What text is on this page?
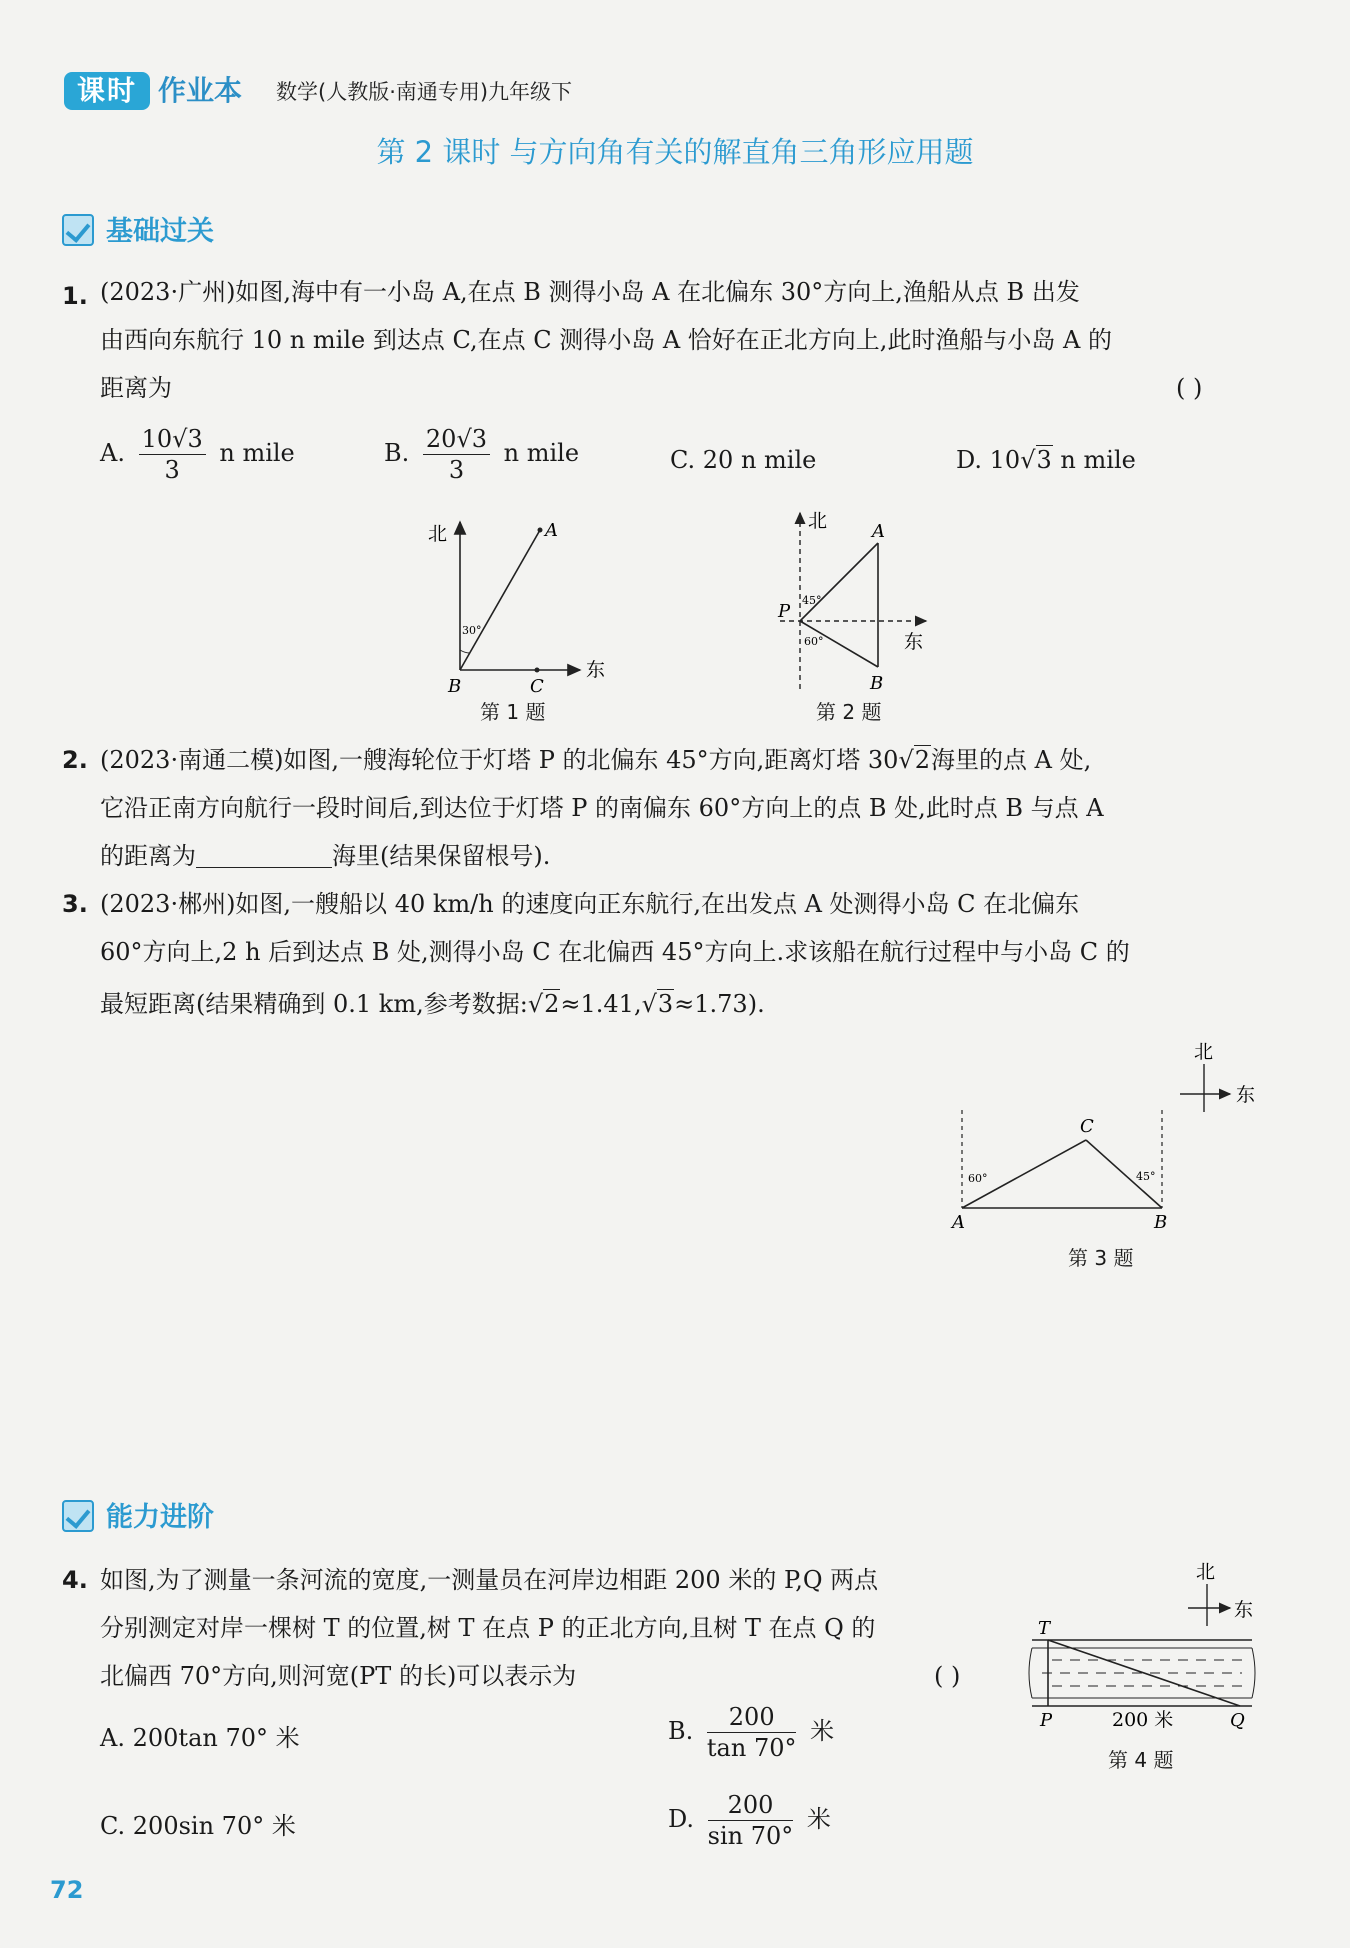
课时 作业本 数学(人教版·南通专用)九年级下
第 2 课时 与方向角有关的解直角三角形应用题
基础过关
1. (2023·广州)如图,海中有一小岛 A,在点 B 测得小岛 A 在北偏东 30°方向上,渔船从点 B 出发
由西向东航行 10 n mile 到达点 C,在点 C 测得小岛 A 恰好在正北方向上,此时渔船与小岛 A 的
距离为	( )
A. $\frac{10√3}{3}$ n mile	B. $\frac{20√3}{3}$ n mile	C. 20 n mile	D. 10√3 n mile
北
东
A
B	C
30°
第 1 题
北
东
A
B
P
45°
60°
第 2 题
2. (2023·南通二模)如图,一艘海轮位于灯塔 P 的北偏东 45°方向,距离灯塔 30√2海里的点 A 处,
它沿正南方向航行一段时间后,到达位于灯塔 P 的南偏东 60°方向上的点 B 处,此时点 B 与点 A
的距离为	海里(结果保留根号).
3. (2023·郴州)如图,一艘船以 40 km/h 的速度向正东航行,在出发点 A 处测得小岛 C 在北偏东
60°方向上,2 h 后到达点 B 处,测得小岛 C 在北偏西 45°方向上.求该船在航行过程中与小岛 C 的
最短距离(结果精确到 0.1 km,参考数据:√2≈1.41,√3≈1.73).
北
东
C
A	B
60°	45°
第 3 题
能力进阶
4. 如图,为了测量一条河流的宽度,一测量员在河岸边相距 200 米的 P,Q 两点
分别测定对岸一棵树 T 的位置,树 T 在点 P 的正北方向,且树 T 在点 Q 的
北偏西 70°方向,则河宽(PT 的长)可以表示为	( )
A. 200tan 70° 米	B. $\frac{200}{\tan 70^\circ}$ 米
C. 200sin 70° 米	D. $\frac{200}{\sin 70^\circ}$ 米
北
东
T
P	Q
200 米
第 4 题
72
